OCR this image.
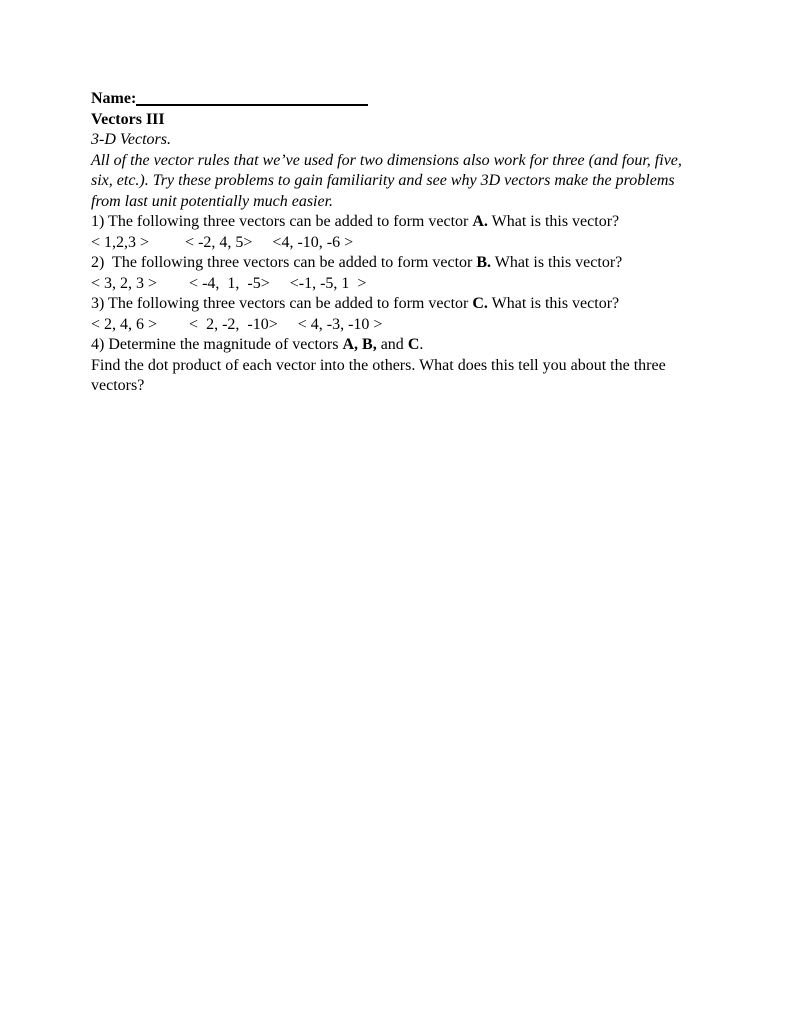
Name:

Vectors III

3-D Vectors.

All of the vector rules that we’ve used for two dimensions also work for three (and four, five, six, etc.). Try these problems to gain familiarity and see why 3D vectors make the problems from last unit potentially much easier.

1) The following three vectors can be added to form vector A. What is this vector?

< 1,2,3 >         < -2, 4, 5>     <4, -10, -6 >

2)  The following three vectors can be added to form vector B. What is this vector?

< 3, 2, 3 >        < -4,  1,  -5>     <-1, -5, 1  >

3) The following three vectors can be added to form vector C. What is this vector?

< 2, 4, 6 >        <  2, -2,  -10>     < 4, -3, -10 >

4) Determine the magnitude of vectors A, B, and C.

Find the dot product of each vector into the others. What does this tell you about the three vectors?
